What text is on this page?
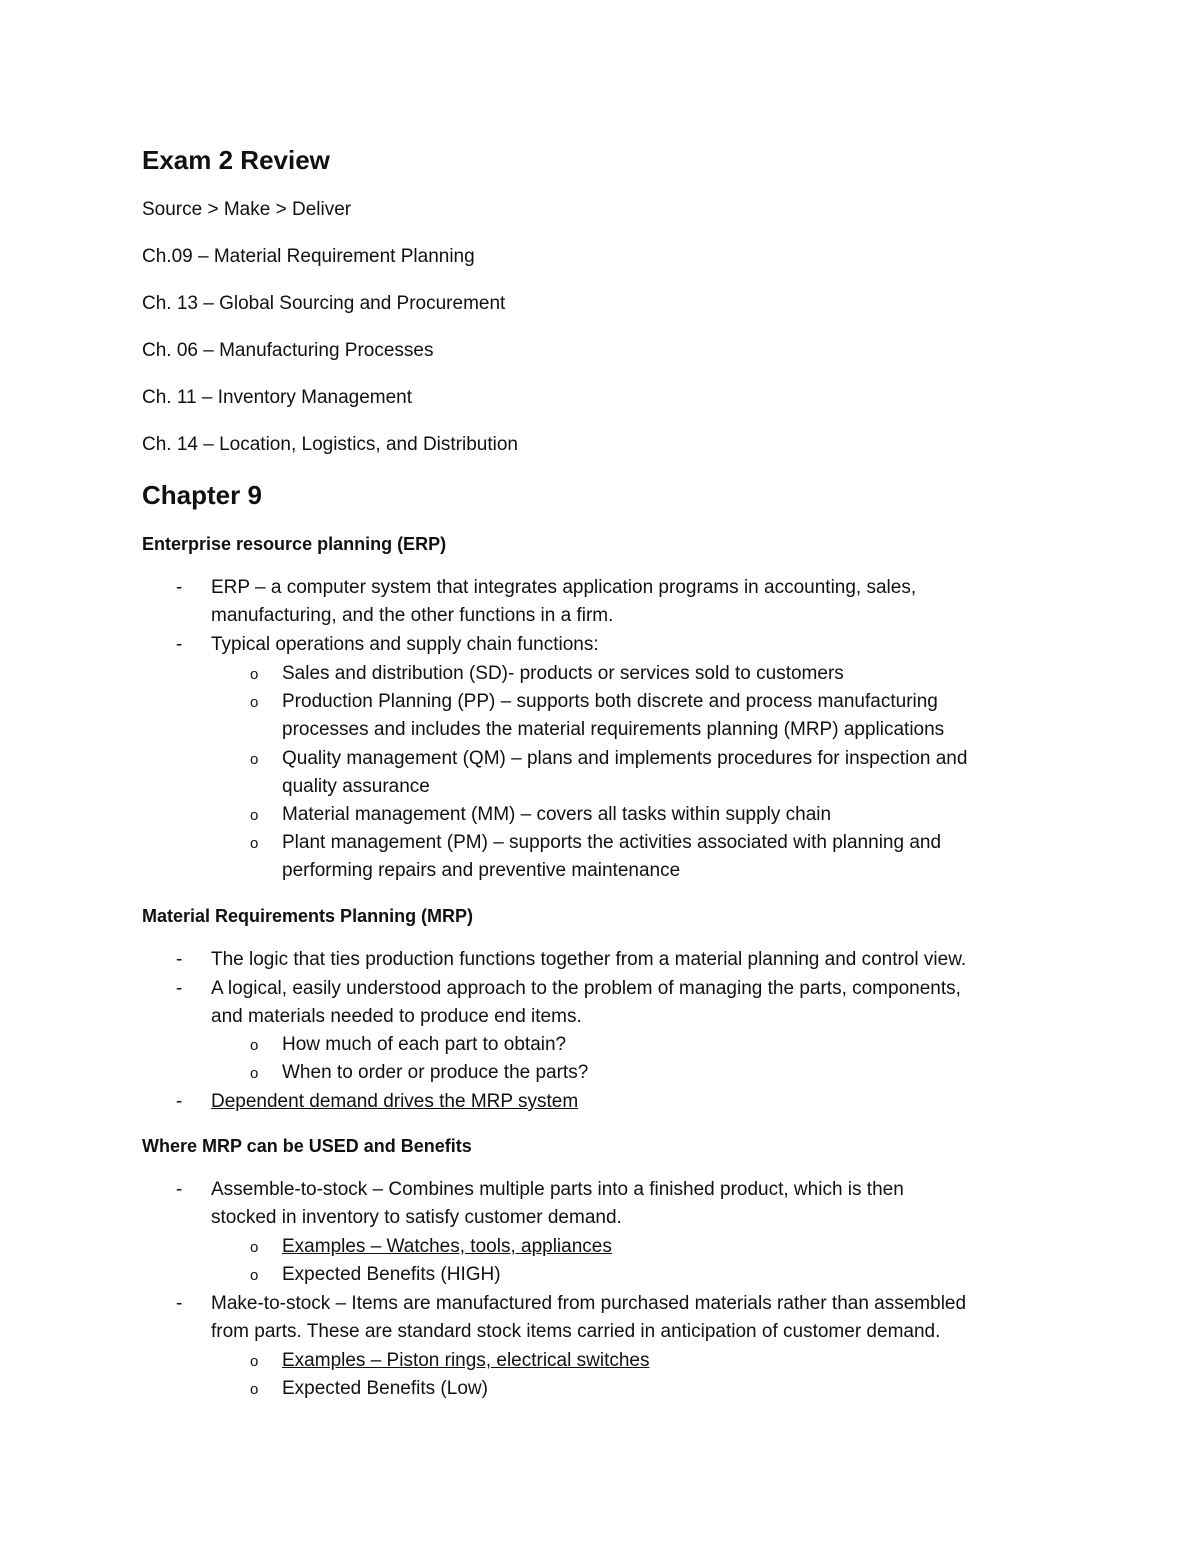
Exam 2 Review
Source > Make > Deliver
Ch.09 – Material Requirement Planning
Ch. 13 – Global Sourcing and Procurement
Ch. 06 – Manufacturing Processes
Ch. 11 – Inventory Management
Ch. 14 – Location, Logistics, and Distribution
Chapter 9
Enterprise resource planning (ERP)
- ERP – a computer system that integrates application programs in accounting, sales,
manufacturing, and the other functions in a firm.
- Typical operations and supply chain functions:
o Sales and distribution (SD)- products or services sold to customers
o Production Planning (PP) – supports both discrete and process manufacturing
processes and includes the material requirements planning (MRP) applications
o Quality management (QM) – plans and implements procedures for inspection and
quality assurance
o Material management (MM) – covers all tasks within supply chain
o Plant management (PM) – supports the activities associated with planning and
performing repairs and preventive maintenance
Material Requirements Planning (MRP)
- The logic that ties production functions together from a material planning and control view.
- A logical, easily understood approach to the problem of managing the parts, components,
and materials needed to produce end items.
o How much of each part to obtain?
o When to order or produce the parts?
- Dependent demand drives the MRP system
Where MRP can be USED and Benefits
- Assemble-to-stock – Combines multiple parts into a finished product, which is then
stocked in inventory to satisfy customer demand.
o Examples – Watches, tools, appliances
o Expected Benefits (HIGH)
- Make-to-stock – Items are manufactured from purchased materials rather than assembled
from parts. These are standard stock items carried in anticipation of customer demand.
o Examples – Piston rings, electrical switches
o Expected Benefits (Low)
